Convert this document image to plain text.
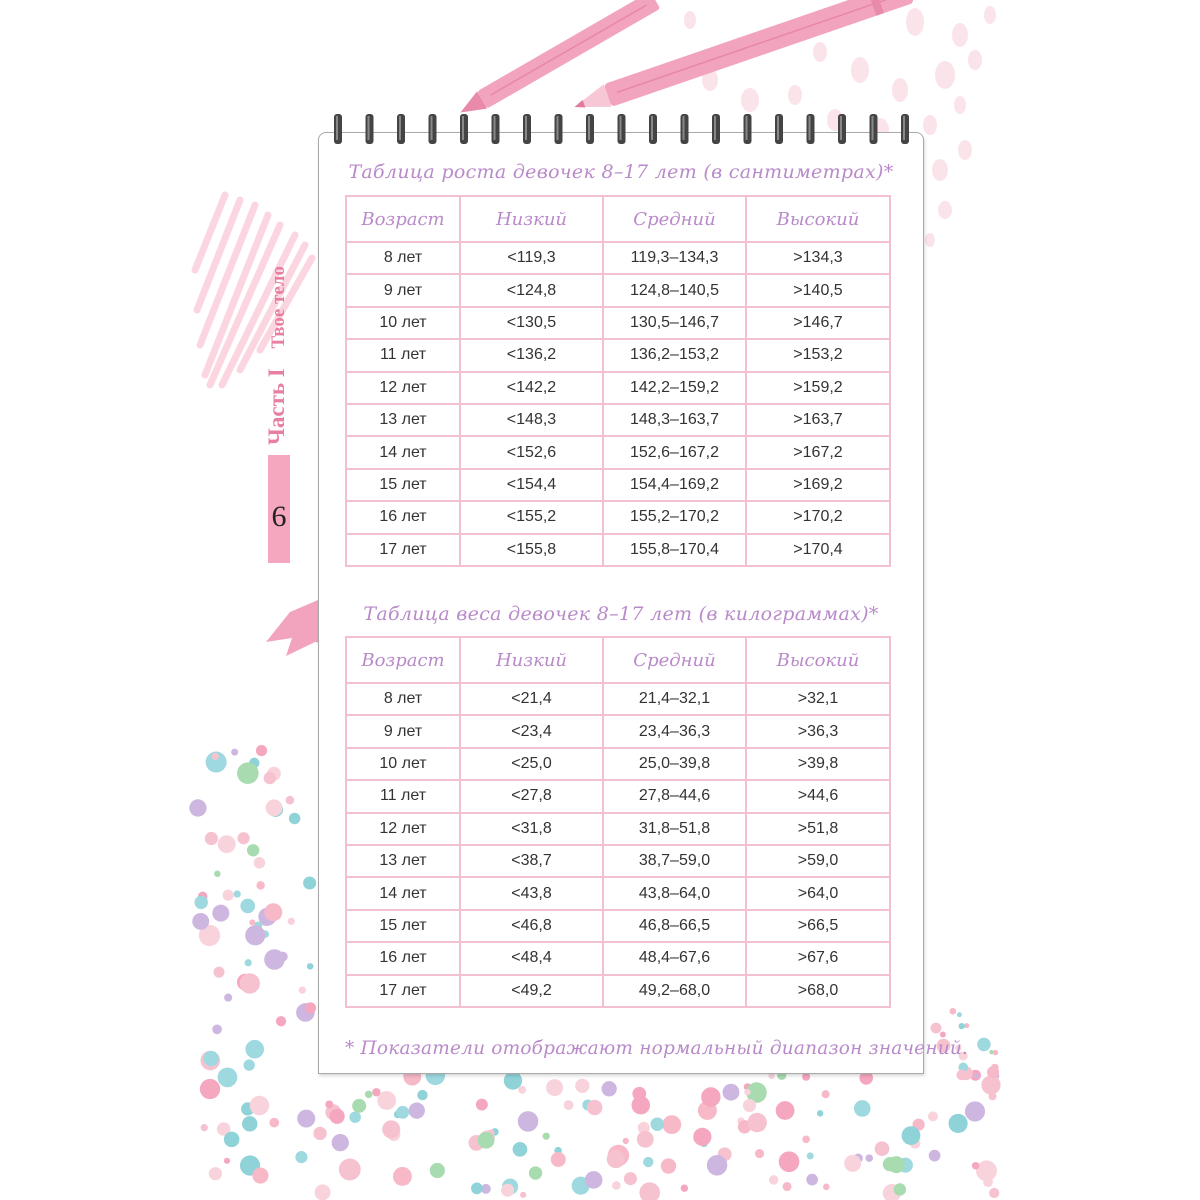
6
Часть I Твое тело
Таблица роста девочек 8–17 лет (в сантиметрах)*
Возраст	Низкий	Средний	Высокий
8 лет	<119,3	119,3–134,3	>134,3
9 лет	<124,8	124,8–140,5	>140,5
10 лет	<130,5	130,5–146,7	>146,7
11 лет	<136,2	136,2–153,2	>153,2
12 лет	<142,2	142,2–159,2	>159,2
13 лет	<148,3	148,3–163,7	>163,7
14 лет	<152,6	152,6–167,2	>167,2
15 лет	<154,4	154,4–169,2	>169,2
16 лет	<155,2	155,2–170,2	>170,2
17 лет	<155,8	155,8–170,4	>170,4
Таблица веса девочек 8–17 лет (в килограммах)*
Возраст	Низкий	Средний	Высокий
8 лет	<21,4	21,4–32,1	>32,1
9 лет	<23,4	23,4–36,3	>36,3
10 лет	<25,0	25,0–39,8	>39,8
11 лет	<27,8	27,8–44,6	>44,6
12 лет	<31,8	31,8–51,8	>51,8
13 лет	<38,7	38,7–59,0	>59,0
14 лет	<43,8	43,8–64,0	>64,0
15 лет	<46,8	46,8–66,5	>66,5
16 лет	<48,4	48,4–67,6	>67,6
17 лет	<49,2	49,2–68,0	>68,0
* Показатели отображают нормальный диапазон значений.
